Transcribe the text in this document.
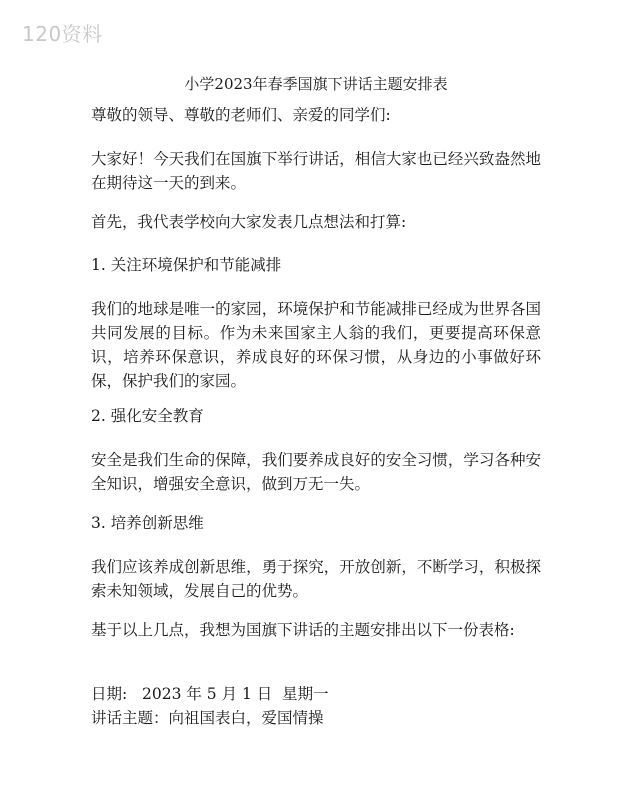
120资料
小学2023年春季国旗下讲话主题安排表

尊敬的领导、尊敬的老师们、亲爱的同学们:

大家好！今天我们在国旗下举行讲话，相信大家也已经兴致盎然地在期待这一天的到来。

首先，我代表学校向大家发表几点想法和打算:

1. 关注环境保护和节能减排

我们的地球是唯一的家园，环境保护和节能减排已经成为世界各国共同发展的目标。作为未来国家主人翁的我们，更要提高环保意识，培养环保意识，养成良好的环保习惯，从身边的小事做好环保，保护我们的家园。

2. 强化安全教育

安全是我们生命的保障，我们要养成良好的安全习惯，学习各种安全知识，增强安全意识，做到万无一失。

3. 培养创新思维

我们应该养成创新思维，勇于探究，开放创新，不断学习，积极探索未知领域，发展自己的优势。

基于以上几点，我想为国旗下讲话的主题安排出以下一份表格:

日期:   2023 年 5 月 1 日  星期一
讲话主题：向祖国表白，爱国情操
